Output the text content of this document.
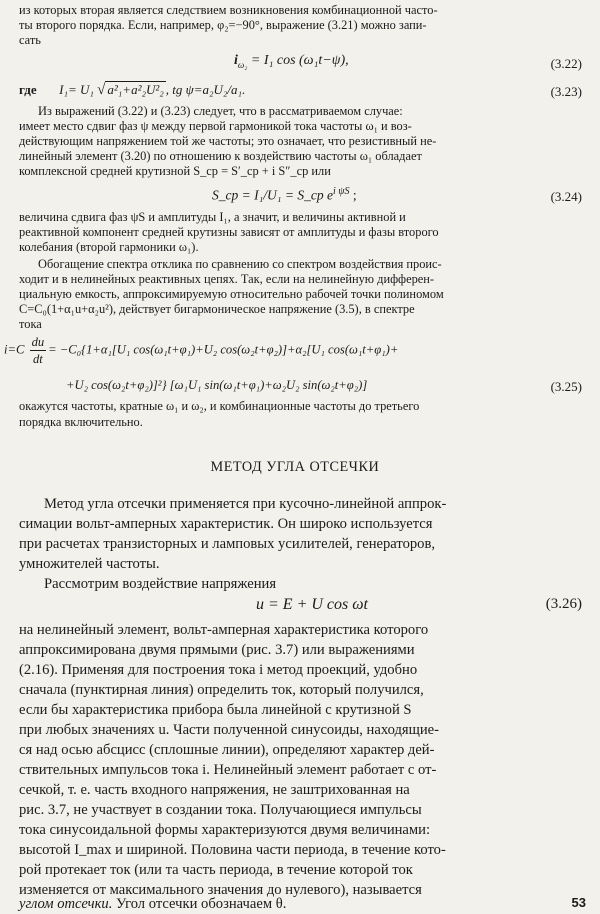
из которых вторая является следствием возникновения комбинационной часто-

ты второго порядка. Если, например, φ₂=−90°, выражение (3.21) можно запи-

сать

$i_{\omega_2} = I_1$ cos (ω₁t−ψ),	(3.22)
где I₁= U₁ √ a²₁+a²₂U²₂ , tg ψ=a₂U₂/a₁.	(3.23)

Из выражений (3.22) и (3.23) следует, что в рассматриваемом случае:

имеет место сдвиг фаз ψ между первой гармоникой тока частоты ω₁ и воз-

действующим напряжением той же частоты; это означает, что резистивный не-

линейный элемент (3.20) по отношению к воздействию частоты ω₁ обладает

комплексной средней крутизной S_cp = S′_cp + i S″_cp или

S_cp = I₁/U₁ = S_cp $e^{i \psi S}$ ;	(3.24)

величина сдвига фаз ψS и амплитуды I₁, а значит, и величины активной и

реактивной компонент средней крутизны зависят от амплитуды и фазы второго

колебания (второй гармоники ω₁).

Обогащение спектра отклика по сравнению со спектром воздействия проис-

ходит и в нелинейных реактивных цепях. Так, если на нелинейную дифферен-

циальную емкость, аппроксимируемую относительно рабочей точки полиномом

C=C₀(1+α₁u+α₂u²), действует бигармоническое напряжение (3.5), в спектре

тока

$i=C \frac{du}{dt} = -C_0\{1+\alpha_1[U_1$ cos(ω₁t+φ₁)+U₂ cos(ω₂t+φ₂)]+α₂[U₁ cos(ω₁t+φ₁)+
+U₂ cos(ω₂t+φ₂)]²} [ω₁U₁ sin(ω₁t+φ₁)+ω₂U₂ sin(ω₂t+φ₂)]	(3.25)

окажутся частоты, кратные ω₁ и ω₂, и комбинационные частоты до третьего

порядка включительно.

МЕТОД УГЛА ОТСЕЧКИ

Метод угла отсечки применяется при кусочно-линейной аппрок-

симации вольт-амперных характеристик. Он широко используется

при расчетах транзисторных и ламповых усилителей, генераторов,

умножителей частоты.

Рассмотрим воздействие напряжения

u = E + U cos ωt	(3.26)

на нелинейный элемент, вольт-амперная характеристика которого

аппроксимирована двумя прямыми (рис. 3.7) или выражениями

(2.16). Применяя для построения тока i метод проекций, удобно

сначала (пунктирная линия) определить ток, который получился,

если бы характеристика прибора была линейной с крутизной S

при любых значениях u. Части полученной синусоиды, находящие-

ся над осью абсцисс (сплошные линии), определяют характер дей-

ствительных импульсов тока i. Нелинейный элемент работает с от-

сечкой, т. е. часть входного напряжения, не заштрихованная на

рис. 3.7, не участвует в создании тока. Получающиеся импульсы

тока синусоидальной формы характеризуются двумя величинами:

высотой I_max и шириной. Половина части периода, в течение кото-

рой протекает ток (или та часть периода, в течение которой ток

изменяется от максимального значения до нулевого), называется

углом отсечки. Угол отсечки обозначаем θ.	53
